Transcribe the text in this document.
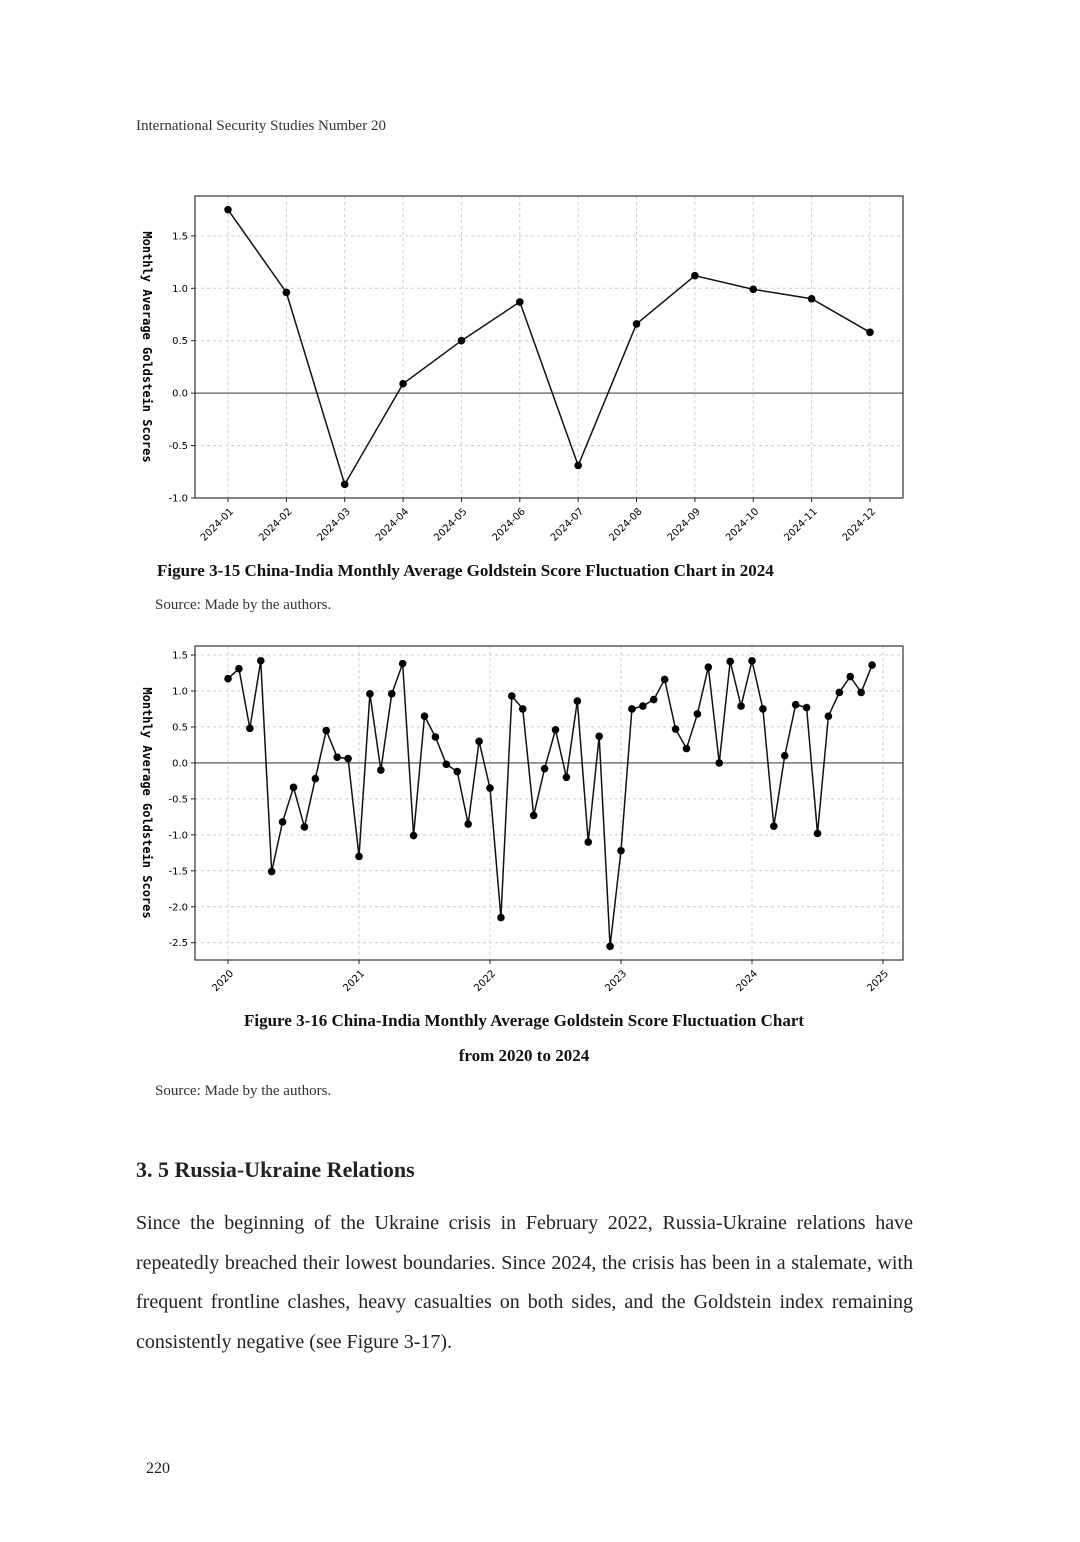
International Security Studies Number 20
-1.0
-0.5
0.0
0.5
1.0
1.5
2024-01 2024-02 2024-03 2024-04 2024-05 2024-06 2024-07 2024-08 2024-09 2024-10 2024-11 2024-12
Monthly Average Goldstein Scores
Figure 3-15 China-India Monthly Average Goldstein Score Fluctuation Chart in 2024
Source: Made by the authors.
-2.5
-2.0
-1.5
-1.0
-0.5
0.0
0.5
1.0
1.5
2020	2021	2022	2023	2024	2025
Monthly Average Goldstein Scores
Figure 3-16 China-India Monthly Average Goldstein Score Fluctuation Chart
from 2020 to 2024
Source: Made by the authors.
3. 5 Russia-Ukraine Relations
Since the beginning of the Ukraine crisis in February 2022, Russia-Ukraine relations have repeatedly breached their lowest boundaries. Since 2024, the crisis has been in a stalemate, with frequent frontline clashes, heavy casualties on both sides, and the Goldstein index remaining consistently negative (see Figure 3-17).
220
